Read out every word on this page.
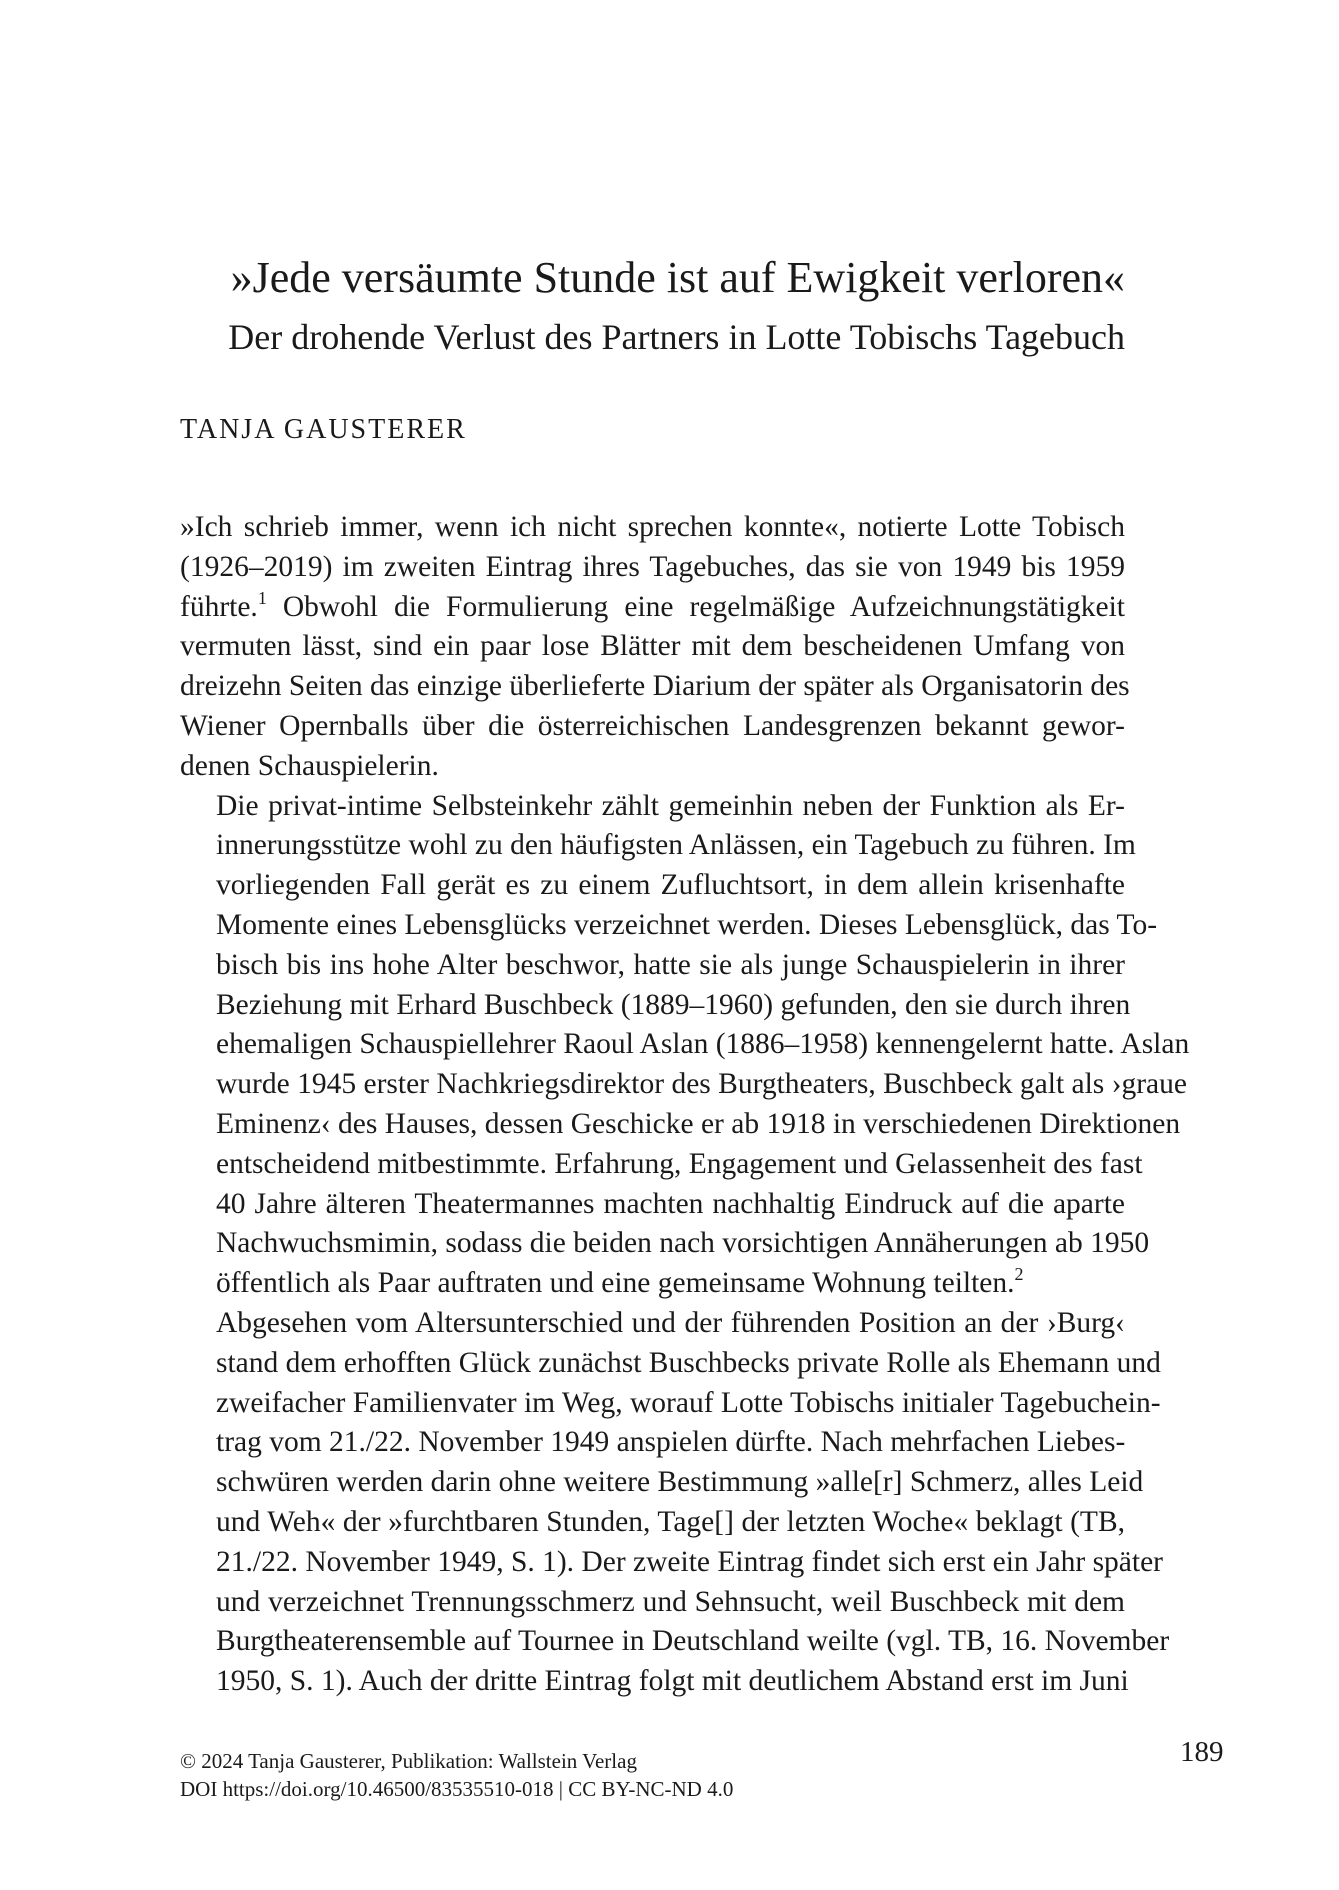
»Jede versäumte Stunde ist auf Ewigkeit verloren«
Der drohende Verlust des Partners in Lotte Tobischs Tagebuch
TANJA GAUSTERER

»Ich schrieb immer, wenn ich nicht sprechen konnte«, notierte Lotte Tobisch
(1926–2019) im zweiten Eintrag ihres Tagebuches, das sie von 1949 bis 1959
führte.$^1$ Obwohl die Formulierung eine regelmäßige Aufzeichnungstätigkeit
vermuten lässt, sind ein paar lose Blätter mit dem bescheidenen Umfang von
dreizehn Seiten das einzige überlieferte Diarium der später als Organisatorin des
Wiener Opernballs über die österreichischen Landesgrenzen bekannt gewor-
denen Schauspielerin.

Die privat-intime Selbsteinkehr zählt gemeinhin neben der Funktion als Er-
innerungsstütze wohl zu den häufigsten Anlässen, ein Tagebuch zu führen. Im
vorliegenden Fall gerät es zu einem Zufluchtsort, in dem allein krisenhafte
Momente eines Lebensglücks verzeichnet werden. Dieses Lebensglück, das To-
bisch bis ins hohe Alter beschwor, hatte sie als junge Schauspielerin in ihrer
Beziehung mit Erhard Buschbeck (1889–1960) gefunden, den sie durch ihren
ehemaligen Schauspiellehrer Raoul Aslan (1886–1958) kennengelernt hatte. Aslan
wurde 1945 erster Nachkriegsdirektor des Burgtheaters, Buschbeck galt als ›graue
Eminenz‹ des Hauses, dessen Geschicke er ab 1918 in verschiedenen Direktionen
entscheidend mitbestimmte. Erfahrung, Engagement und Gelassenheit des fast
40 Jahre älteren Theatermannes machten nachhaltig Eindruck auf die aparte
Nachwuchsmimin, sodass die beiden nach vorsichtigen Annäherungen ab 1950
öffentlich als Paar auftraten und eine gemeinsame Wohnung teilten.$^2$

Abgesehen vom Altersunterschied und der führenden Position an der ›Burg‹
stand dem erhofften Glück zunächst Buschbecks private Rolle als Ehemann und
zweifacher Familienvater im Weg, worauf Lotte Tobischs initialer Tagebuchein-
trag vom 21./22. November 1949 anspielen dürfte. Nach mehrfachen Liebes-
schwüren werden darin ohne weitere Bestimmung »alle[r] Schmerz, alles Leid
und Weh« der »furchtbaren Stunden, Tage[] der letzten Woche« beklagt (TB,
21./22. November 1949, S. 1). Der zweite Eintrag findet sich erst ein Jahr später
und verzeichnet Trennungsschmerz und Sehnsucht, weil Buschbeck mit dem
Burgtheaterensemble auf Tournee in Deutschland weilte (vgl. TB, 16. November
1950, S. 1). Auch der dritte Eintrag folgt mit deutlichem Abstand erst im Juni

© 2024 Tanja Gausterer, Publikation: Wallstein Verlag
DOI https://doi.org/10.46500/83535510-018 | CC BY-NC-ND 4.0
189
